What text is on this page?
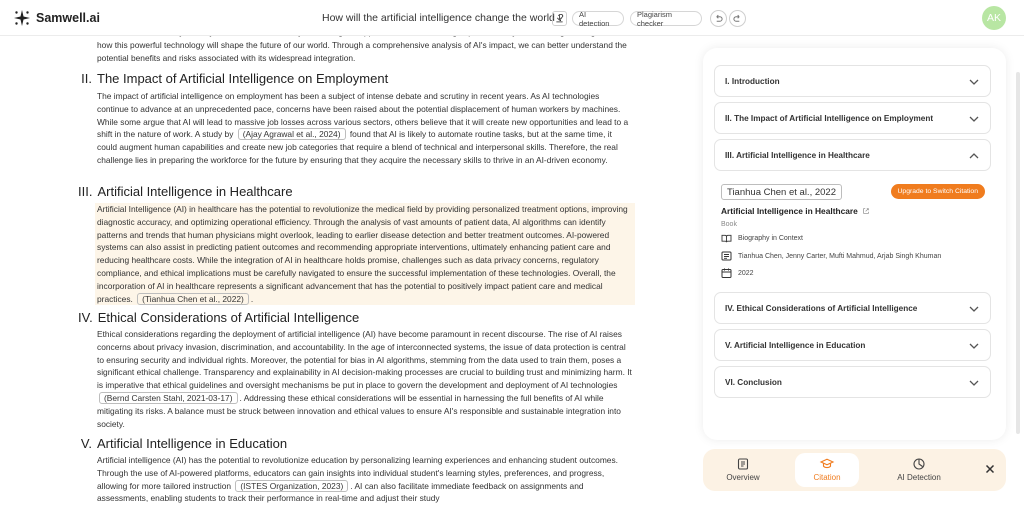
Samwell.ai	How will the artificial intelligence change the world ?	AI detection
Plagiarism checker	AK
how this powerful technology will shape the future of our world. Through a comprehensive analysis of AI's impact, we can better understand the potential benefits and risks associated with its widespread integration.
II. The Impact of Artificial Intelligence on Employment
The impact of artificial intelligence on employment has been a subject of intense debate and scrutiny in recent years. As AI technologies continue to advance at an unprecedented pace, concerns have been raised about the potential displacement of human workers by machines. While some argue that AI will lead to massive job losses across various sectors, others believe that it will create new opportunities and lead to a shift in the nature of work. A study by (Ajay Agrawal et al., 2024) found that AI is likely to automate routine tasks, but at the same time, it could augment human capabilities and create new job categories that require a blend of technical and interpersonal skills. Therefore, the real challenge lies in preparing the workforce for the future by ensuring that they acquire the necessary skills to thrive in an AI-driven economy.
III. Artificial Intelligence in Healthcare
Artificial Intelligence (AI) in healthcare has the potential to revolutionize the medical field by providing personalized treatment options, improving diagnostic accuracy, and optimizing operational efficiency. Through the analysis of vast amounts of patient data, AI algorithms can identify patterns and trends that human physicians might overlook, leading to earlier disease detection and better treatment outcomes. AI-powered systems can also assist in predicting patient outcomes and recommending appropriate interventions, ultimately enhancing patient care and reducing healthcare costs. While the integration of AI in healthcare holds promise, challenges such as data privacy concerns, regulatory compliance, and ethical implications must be carefully navigated to ensure the successful implementation of these technologies. Overall, the incorporation of AI in healthcare represents a significant advancement that has the potential to positively impact patient care and medical practices. (Tianhua Chen et al., 2022) .
IV. Ethical Considerations of Artificial Intelligence
Ethical considerations regarding the deployment of artificial intelligence (AI) have become paramount in recent discourse. The rise of AI raises concerns about privacy invasion, discrimination, and accountability. In the age of interconnected systems, the issue of data protection is central to ensuring security and individual rights. Moreover, the potential for bias in AI algorithms, stemming from the data used to train them, poses a significant ethical challenge. Transparency and explainability in AI decision-making processes are crucial to building trust and minimizing harm. It is imperative that ethical guidelines and oversight mechanisms be put in place to govern the development and deployment of AI technologies (Bernd Carsten Stahl, 2021-03-17) . Addressing these ethical considerations will be essential in harnessing the full benefits of AI while mitigating its risks. A balance must be struck between innovation and ethical values to ensure AI's responsible and sustainable integration into society.
V. Artificial Intelligence in Education
Artificial intelligence (AI) has the potential to revolutionize education by personalizing learning experiences and enhancing student outcomes. Through the use of AI-powered platforms, educators can gain insights into individual student's learning styles, preferences, and progress, allowing for more tailored instruction (ISTES Organization, 2023) . AI can also facilitate immediate feedback on assignments and assessments, enabling students to track their performance in real-time and adjust their study
I. Introduction
II. The Impact of Artificial Intelligence on Employment
III. Artificial Intelligence in Healthcare
Tianhua Chen et al., 2022	Upgrade to Switch Citation
Artificial Intelligence in Healthcare
Book
Biography in Context
Tianhua Chen, Jenny Carter, Mufti Mahmud, Arjab Singh Khuman
2022
IV. Ethical Considerations of Artificial Intelligence
V. Artificial Intelligence in Education
VI. Conclusion
Overview	Citation	AI Detection
